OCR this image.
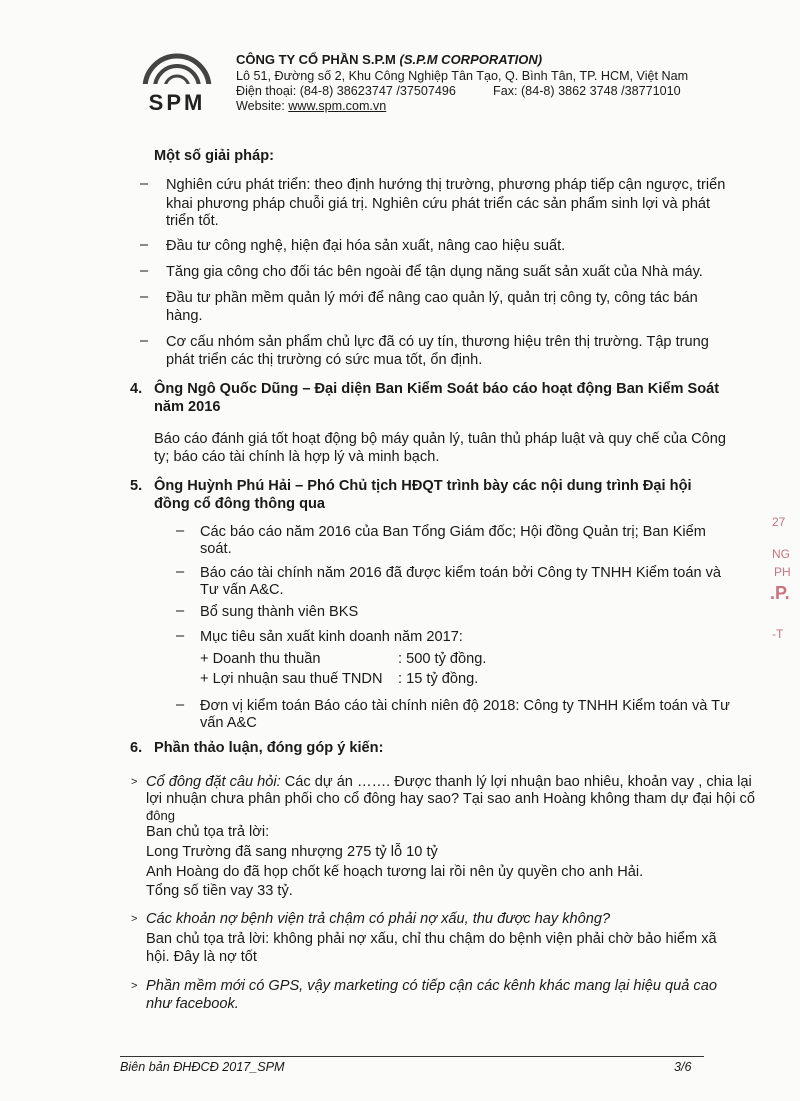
SPM
CÔNG TY CỔ PHẦN S.P.M (S.P.M CORPORATION)
Lô 51, Đường số 2, Khu Công Nghiệp Tân Tạo, Q. Bình Tân, TP. HCM, Việt Nam
Điện thoại: (84-8) 38623747 /37507496	Fax: (84-8) 3862 3748 /38771010
Website: www.spm.com.vn
Một số giải pháp:
– Nghiên cứu phát triển: theo định hướng thị trường, phương pháp tiếp cận ngược, triển
khai phương pháp chuỗi giá trị. Nghiên cứu phát triển các sản phẩm sinh lợi và phát
triển tốt.
– Đầu tư công nghệ, hiện đại hóa sản xuất, nâng cao hiệu suất.
– Tăng gia công cho đối tác bên ngoài để tận dụng năng suất sản xuất của Nhà máy.
– Đầu tư phần mềm quản lý mới để nâng cao quản lý, quản trị công ty, công tác bán
hàng.
– Cơ cấu nhóm sản phẩm chủ lực đã có uy tín, thương hiệu trên thị trường. Tập trung
phát triển các thị trường có sức mua tốt, ổn định.
4. Ông Ngô Quốc Dũng – Đại diện Ban Kiểm Soát báo cáo hoạt động Ban Kiểm Soát
năm 2016
Báo cáo đánh giá tốt hoạt động bộ máy quản lý, tuân thủ pháp luật và quy chế của Công
ty; báo cáo tài chính là hợp lý và minh bạch.
5. Ông Huỳnh Phú Hải – Phó Chủ tịch HĐQT trình bày các nội dung trình Đại hội
đồng cổ đông thông qua
– Các báo cáo năm 2016 của Ban Tổng Giám đốc; Hội đồng Quản trị; Ban Kiểm
soát.
– Báo cáo tài chính năm 2016 đã được kiểm toán bởi Công ty TNHH Kiểm toán và
Tư vấn A&C.
– Bổ sung thành viên BKS
– Mục tiêu sản xuất kinh doanh năm 2017:
+ Doanh thu thuần	: 500 tỷ đồng.
+ Lợi nhuận sau thuế TNDN : 15 tỷ đồng.
– Đơn vị kiểm toán Báo cáo tài chính niên độ 2018: Công ty TNHH Kiểm toán và Tư
vấn A&C
6. Phần thảo luận, đóng góp ý kiến:
> Cổ đông đặt câu hỏi: Các dự án ……. Được thanh lý lợi nhuận bao nhiêu, khoản vay , chia lại
lợi nhuận chưa phân phối cho cổ đông hay sao? Tại sao anh Hoàng không tham dự đại hội cổ
đông
Ban chủ tọa trả lời:
Long Trường đã sang nhượng 275 tỷ lỗ 10 tỷ
Anh Hoàng do đã họp chốt kế hoạch tương lai rồi nên ủy quyền cho anh Hải.
Tổng số tiền vay 33 tỷ.
> Các khoản nợ bệnh viện trả chậm có phải nợ xấu, thu được hay không?
Ban chủ tọa trả lời: không phải nợ xấu, chỉ thu chậm do bệnh viện phải chờ bảo hiểm xã
hội. Đây là nợ tốt
> Phần mềm mới có GPS, vậy marketing có tiếp cận các kênh khác mang lại hiệu quả cao
như facebook.
27
NG
PH
.P.
-T
Biên bản ĐHĐCĐ 2017_SPM	3/6
